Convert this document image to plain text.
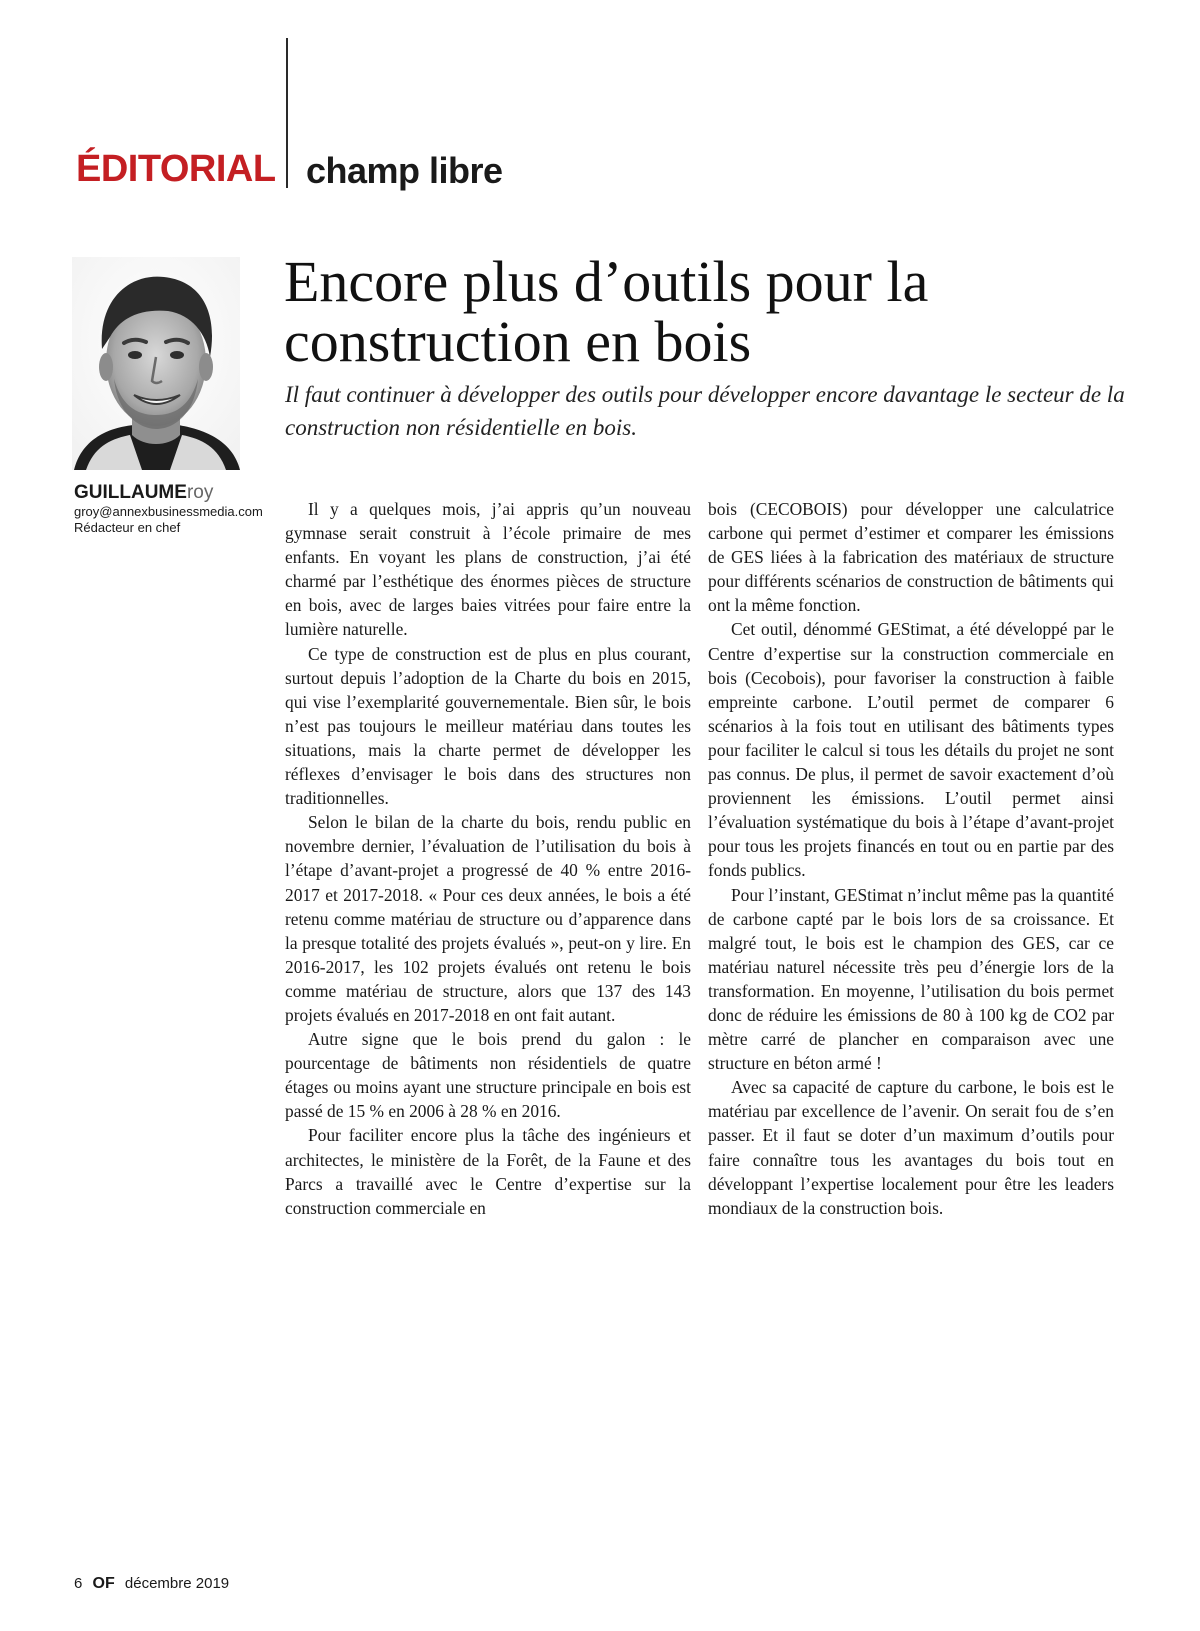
ÉDITORIAL champ libre
GUILLAUMEroy
groy@annexbusinessmedia.com
Rédacteur en chef
Encore plus d’outils pour la construction en bois
Il faut continuer à développer des outils pour développer encore davantage le secteur de la construction non résidentielle en bois.

Il y a quelques mois, j’ai appris qu’un nouveau gymnase serait construit à l’école primaire de mes enfants. En voyant les plans de construction, j’ai été charmé par l’esthétique des énormes pièces de structure en bois, avec de larges baies vitrées pour faire entre la lumière naturelle.

Ce type de construction est de plus en plus courant, surtout depuis l’adoption de la Charte du bois en 2015, qui vise l’exemplarité gouvernementale. Bien sûr, le bois n’est pas toujours le meilleur matériau dans toutes les situations, mais la charte permet de développer les réflexes d’envisager le bois dans des structures non traditionnelles.

Selon le bilan de la charte du bois, rendu public en novembre dernier, l’évaluation de l’utilisation du bois à l’étape d’avant-projet a progressé de 40 % entre 2016-2017 et 2017-2018. « Pour ces deux années, le bois a été retenu comme matériau de structure ou d’apparence dans la presque totalité des projets évalués », peut-on y lire. En 2016-2017, les 102 projets évalués ont retenu le bois comme matériau de structure, alors que 137 des 143 projets évalués en 2017-2018 en ont fait autant.

Autre signe que le bois prend du galon : le pourcentage de bâtiments non résidentiels de quatre étages ou moins ayant une structure principale en bois est passé de 15 % en 2006 à 28 % en 2016.

Pour faciliter encore plus la tâche des ingénieurs et architectes, le ministère de la Forêt, de la Faune et des Parcs a travaillé avec le Centre d’expertise sur la construction commerciale en

bois (CECOBOIS) pour développer une calculatrice carbone qui permet d’estimer et comparer les émissions de GES liées à la fabrication des matériaux de structure pour différents scénarios de construction de bâtiments qui ont la même fonction.

Cet outil, dénommé GEStimat, a été développé par le Centre d’expertise sur la construction commerciale en bois (Cecobois), pour favoriser la construction à faible empreinte carbone. L’outil permet de comparer 6 scénarios à la fois tout en utilisant des bâtiments types pour faciliter le calcul si tous les détails du projet ne sont pas connus. De plus, il permet de savoir exactement d’où proviennent les émissions. L’outil permet ainsi l’évaluation systématique du bois à l’étape d’avant-projet pour tous les projets financés en tout ou en partie par des fonds publics.

Pour l’instant, GEStimat n’inclut même pas la quantité de carbone capté par le bois lors de sa croissance. Et malgré tout, le bois est le champion des GES, car ce matériau naturel nécessite très peu d’énergie lors de la transformation. En moyenne, l’utilisation du bois permet donc de réduire les émissions de 80 à 100 kg de CO2 par mètre carré de plancher en comparaison avec une structure en béton armé !

Avec sa capacité de capture du carbone, le bois est le matériau par excellence de l’avenir. On serait fou de s’en passer. Et il faut se doter d’un maximum d’outils pour faire connaître tous les avantages du bois tout en développant l’expertise localement pour être les leaders mondiaux de la construction bois.

6 OF décembre 2019
